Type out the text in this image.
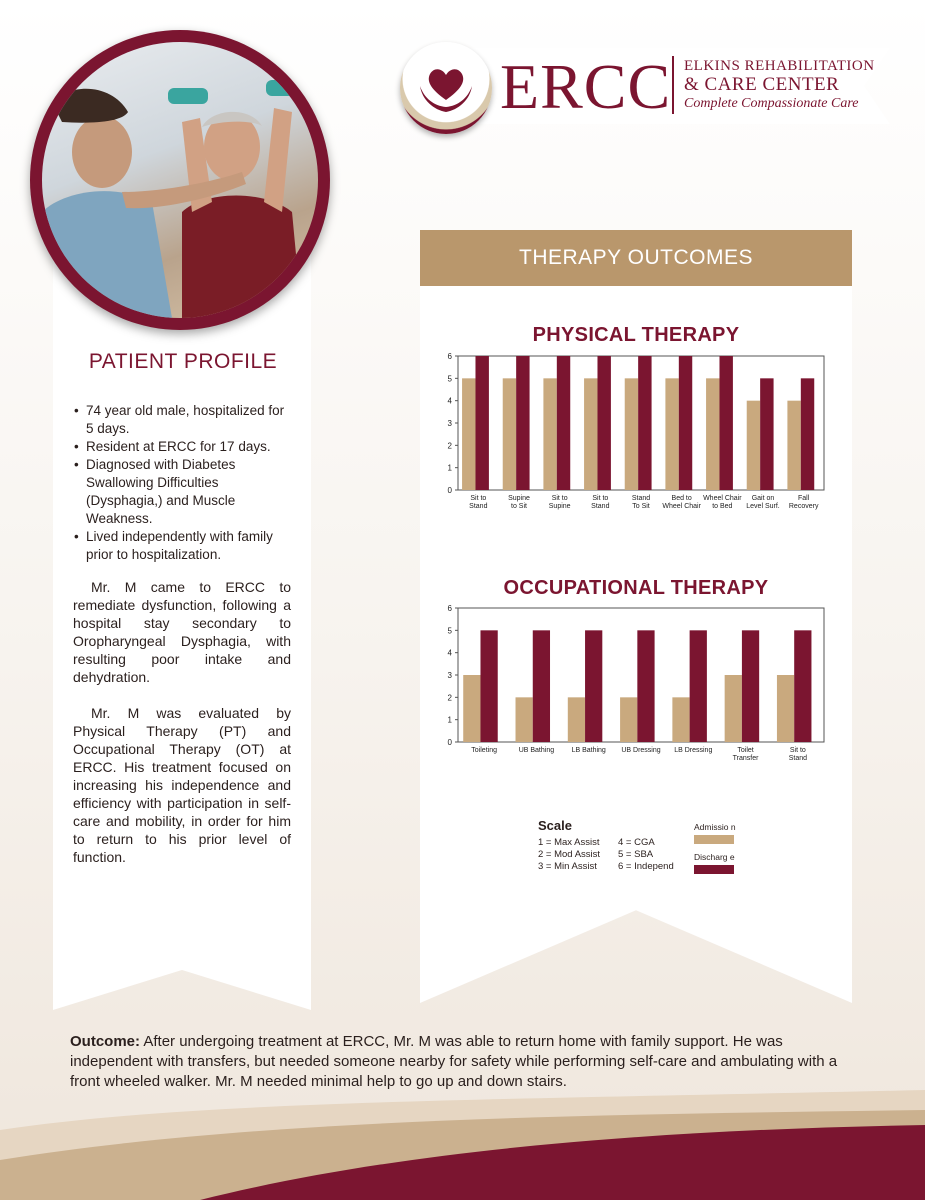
ERCC ELKINS REHABILITATION
& CARE CENTER
Complete Compassionate Care
PATIENT PROFILE
• 74 year old male, hospitalized for 5 days.
• Resident at ERCC for 17 days.
• Diagnosed with Diabetes Swallowing Difficulties (Dysphagia,) and Muscle Weakness.
• Lived independently with family prior to hospitalization.

Mr. M came to ERCC to remediate dysfunction, following a hospital stay secondary to Oropharyngeal Dysphagia, with resulting poor intake and dehydration.

Mr. M was evaluated by Physical Therapy (PT) and Occupational Therapy (OT) at ERCC. His treatment focused on increasing his independence and efficiency with participation in self-care and mobility, in order for him to return to his prior level of function.

THERAPY OUTCOMES
PHYSICAL THERAPY
0
1
2
3
4
5
6
Sit to
Stand
Supine
to Sit
Sit to
Supine
Sit to
Stand
Stand
To Sit
Bed to
Wheel Chair
Wheel Chair
to Bed
Gait on
Level Surf.
Fall
Recovery
OCCUPATIONAL THERAPY
0
1
2
3
4
5
6
Toileting	UB Bathing LB Bathing UB Dressing LB Dressing	Toilet
Transfer
Sit to
Stand
Scale
1 = Max Assist	4 = CGA
2 = Mod Assist	5 = SBA
3 = Min Assist	6 = Independ
Admissio n
Discharg e

Outcome: After undergoing treatment at ERCC, Mr. M was able to return home with family support. He was independent with transfers, but needed someone nearby for safety while performing self-care and ambulating with a front wheeled walker. Mr. M needed minimal help to go up and down stairs.
